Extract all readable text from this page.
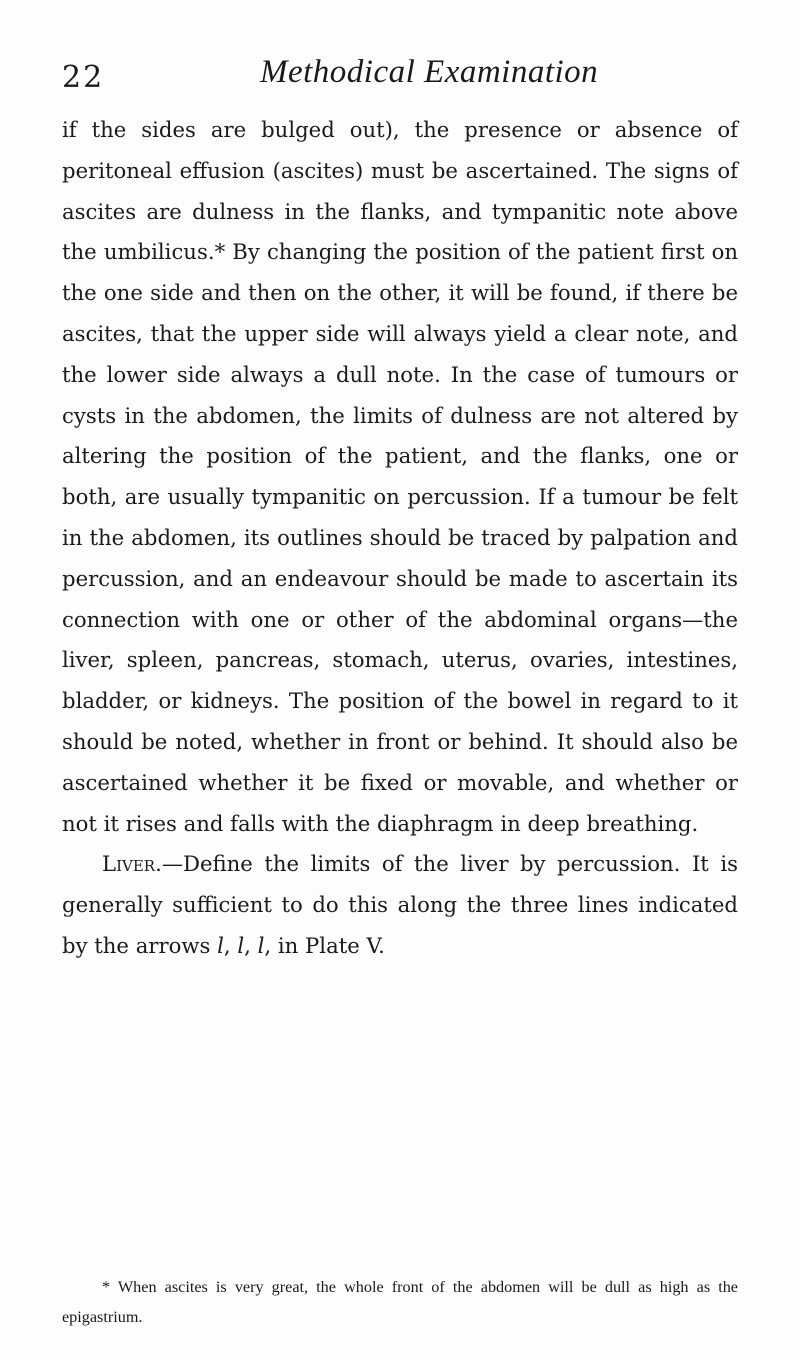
22	Methodical Examination

if the sides are bulged out), the presence or absence of peritoneal effusion (ascites) must be ascertained. The signs of ascites are dulness in the flanks, and tympanitic note above the umbilicus.* By changing the position of the patient first on the one side and then on the other, it will be found, if there be ascites, that the upper side will always yield a clear note, and the lower side always a dull note. In the case of tumours or cysts in the abdomen, the limits of dulness are not altered by altering the position of the patient, and the flanks, one or both, are usually tympanitic on percussion. If a tumour be felt in the abdomen, its outlines should be traced by palpation and percussion, and an endeavour should be made to ascertain its connection with one or other of the abdominal organs—the liver, spleen, pancreas, stomach, uterus, ovaries, intestines, bladder, or kidneys. The position of the bowel in regard to it should be noted, whether in front or behind. It should also be ascertained whether it be fixed or movable, and whether or not it rises and falls with the diaphragm in deep breathing.

Liver.—Define the limits of the liver by percussion. It is generally sufficient to do this along the three lines indicated by the arrows l, l, l, in Plate V.

* When ascites is very great, the whole front of the abdomen will be dull as high as the epigastrium.
